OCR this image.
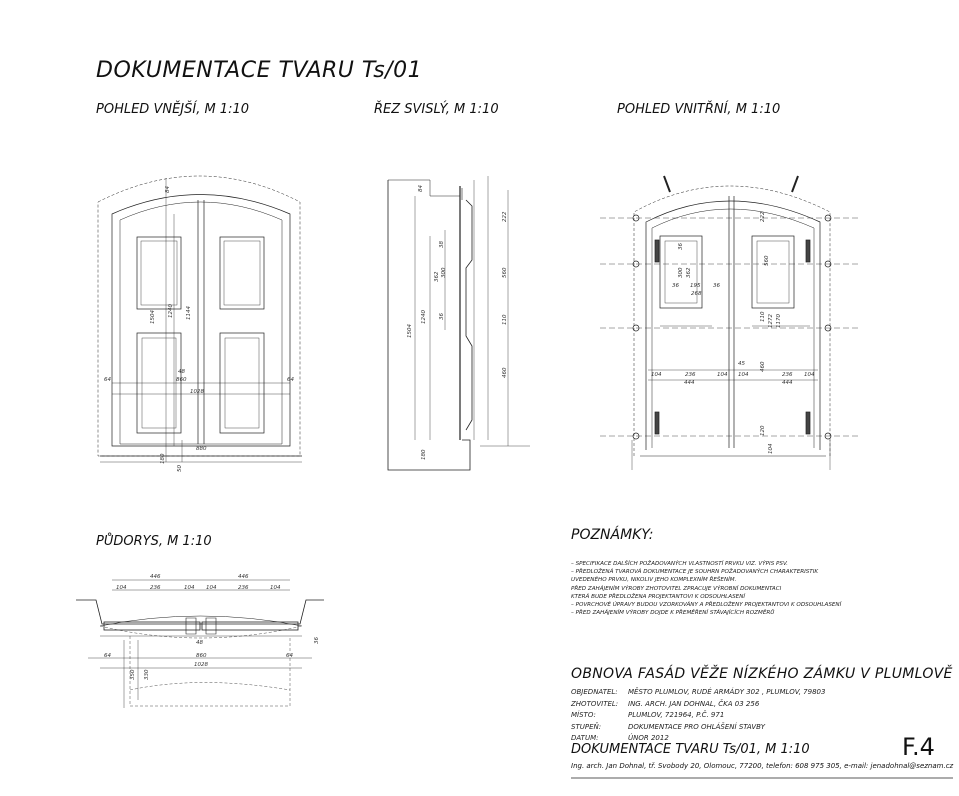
DOKUMENTACE TVARU Ts/01
POHLED VNĚJŠÍ, M 1:10	ŘEZ SVISLÝ, M 1:10	POHLED VNITŘNÍ, M 1:10
PŮDORYS, M 1:10
1504 1240 1144
860
48
64	64
1028
880
180
50
84
1504
1240
38
362 300
36
84
180
222
560
110
460
222
560
36
300 362
195
36	36
268
110 1272 1170
45	460
104	236	104 104	236 104
444	444
120
104
446	446
104	236	104 104	236	104
48
860
1028
64	64
350 330
36
POZNÁMKY:
– SPECIFIKACE DALŠÍCH POŽADOVANÝCH VLASTNOSTÍ PRVKU VIZ. VÝPIS PSV.
– PŘEDLOŽENÁ TVAROVÁ DOKUMENTACE JE SOUHRN POŽADOVANÝCH CHARAKTERISTIK
UVEDENÉHO PRVKU, NIKOLIV JEHO KOMPLEXNÍM ŘEŠENÍM.
PŘED ZAHÁJENÍM VÝROBY ZHOTOVITEL ZPRACUJE VÝROBNÍ DOKUMENTACI
KTERÁ BUDE PŘEDLOŽENA PROJEKTANTOVI K ODSOUHLASENÍ
– POVRCHOVÉ ÚPRAVY BUDOU VZORKOVÁNY A PŘEDLOŽENY PROJEKTANTOVI K ODSOUHLASENÍ
– PŘED ZAHÁJENÍM VÝROBY DOJDE K PŘEMĚŘENÍ STÁVAJÍCÍCH ROZMĚRŮ
OBNOVA FASÁD VĚŽE NÍZKÉHO ZÁMKU V PLUMLOVĚ
OBJEDNATEL:	MĚSTO PLUMLOV, RUDÉ ARMÁDY 302 , PLUMLOV, 79803
ZHOTOVITEL:	ING. ARCH. JAN DOHNAL, ČKA 03 256
MÍSTO:	PLUMLOV, 721964, P.Č. 971
STUPEŇ:	DOKUMENTACE PRO OHLÁŠENÍ STAVBY
DATUM:	ÚNOR 2012
DOKUMENTACE TVARU Ts/01, M 1:10	F.4
Ing. arch. Jan Dohnal, tř. Svobody 20, Olomouc, 77200, telefon: 608 975 305, e-mail: jenadohnal@seznam.cz
